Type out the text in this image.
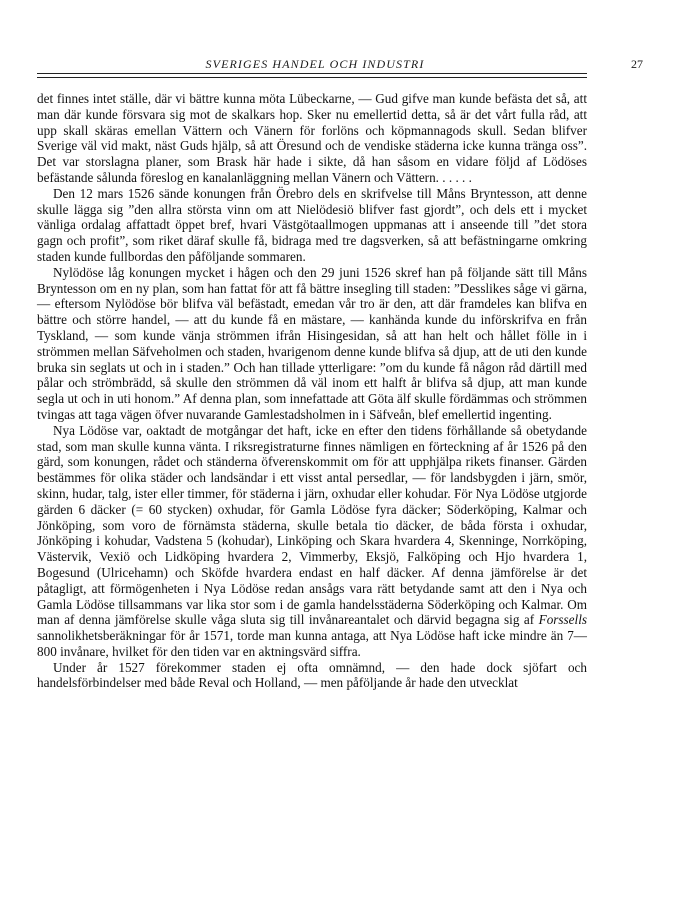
SVERIGES HANDEL OCH INDUSTRI	27

det finnes intet ställe, där vi bättre kunna möta Lübeckarne, — Gud gifve man kunde befästa det så, att man där kunde försvara sig mot de skalkars hop. Sker nu emellertid detta, så är det vårt fulla råd, att upp skall skäras emellan Vättern och Vänern för forlöns och köpmannagods skull. Sedan blifver Sverige väl vid makt, näst Guds hjälp, så att Öresund och de vendiske städerna icke kunna tränga oss”. Det var storslagna planer, som Brask här hade i sikte, då han såsom en vidare följd af Lödöses befästande sålunda föreslog en kanalanläggning mellan Vänern och Vättern. . . . . .

Den 12 mars 1526 sände konungen från Örebro dels en skrifvelse till Måns Bryntesson, att denne skulle lägga sig ”den allra största vinn om att Nielödesiö blifver fast gjordt”, och dels ett i mycket vänliga ordalag affattadt öppet bref, hvari Västgötaallmogen uppmanas att i anseende till ”det stora gagn och profit”, som riket däraf skulle få, bidraga med tre dagsverken, så att befästningarne omkring staden kunde fullbordas den påföljande sommaren.

Nylödöse låg konungen mycket i hågen och den 29 juni 1526 skref han på följande sätt till Måns Bryntesson om en ny plan, som han fattat för att få bättre insegling till staden: ”Desslikes såge vi gärna, — eftersom Nylödöse bör blifva väl befästadt, emedan vår tro är den, att där framdeles kan blifva en bättre och större handel, — att du kunde få en mästare, — kanhända kunde du införskrifva en från Tyskland, — som kunde vänja strömmen ifrån Hisingesidan, så att han helt och hållet fölle in i strömmen mellan Säfveholmen och staden, hvarigenom denne kunde blifva så djup, att de uti den kunde bruka sin seglats ut och in i staden.” Och han tillade ytterligare: ”om du kunde få någon råd därtill med pålar och strömbrädd, så skulle den strömmen då väl inom ett halft år blifva så djup, att man kunde segla ut och in uti honom.” Af denna plan, som innefattade att Göta älf skulle fördämmas och strömmen tvingas att taga vägen öfver nuvarande Gamlestadsholmen in i Säfveån, blef emellertid ingenting.

Nya Lödöse var, oaktadt de motgångar det haft, icke en efter den tidens förhållande så obetydande stad, som man skulle kunna vänta. I riksregistraturne finnes nämligen en förteckning af år 1526 på den gärd, som konungen, rådet och ständerna öfverenskommit om för att upphjälpa rikets finanser. Gärden bestämmes för olika städer och landsändar i ett visst antal persedlar, — för landsbygden i järn, smör, skinn, hudar, talg, ister eller timmer, för städerna i järn, oxhudar eller kohudar. För Nya Lödöse utgjorde gärden 6 däcker (= 60 stycken) oxhudar, för Gamla Lödöse fyra däcker; Söderköping, Kalmar och Jönköping, som voro de förnämsta städerna, skulle betala tio däcker, de båda första i oxhudar, Jönköping i kohudar, Vadstena 5 (kohudar), Linköping och Skara hvardera 4, Skenninge, Norrköping, Västervik, Vexiö och Lidköping hvardera 2, Vimmerby, Eksjö, Falköping och Hjo hvardera 1, Bogesund (Ulricehamn) och Sköfde hvardera endast en half däcker. Af denna jämförelse är det påtagligt, att förmögenheten i Nya Lödöse redan ansågs vara rätt betydande samt att den i Nya och Gamla Lödöse tillsammans var lika stor som i de gamla handelsstäderna Söderköping och Kalmar. Om man af denna jämförelse skulle våga sluta sig till invånareantalet och därvid begagna sig af Forssells sannolikhetsberäkningar för år 1571, torde man kunna antaga, att Nya Lödöse haft icke mindre än 7—800 invånare, hvilket för den tiden var en aktningsvärd siffra.

Under år 1527 förekommer staden ej ofta omnämnd, — den hade dock sjöfart och handelsförbindelser med både Reval och Holland, — men påföljande år hade den utvecklat
